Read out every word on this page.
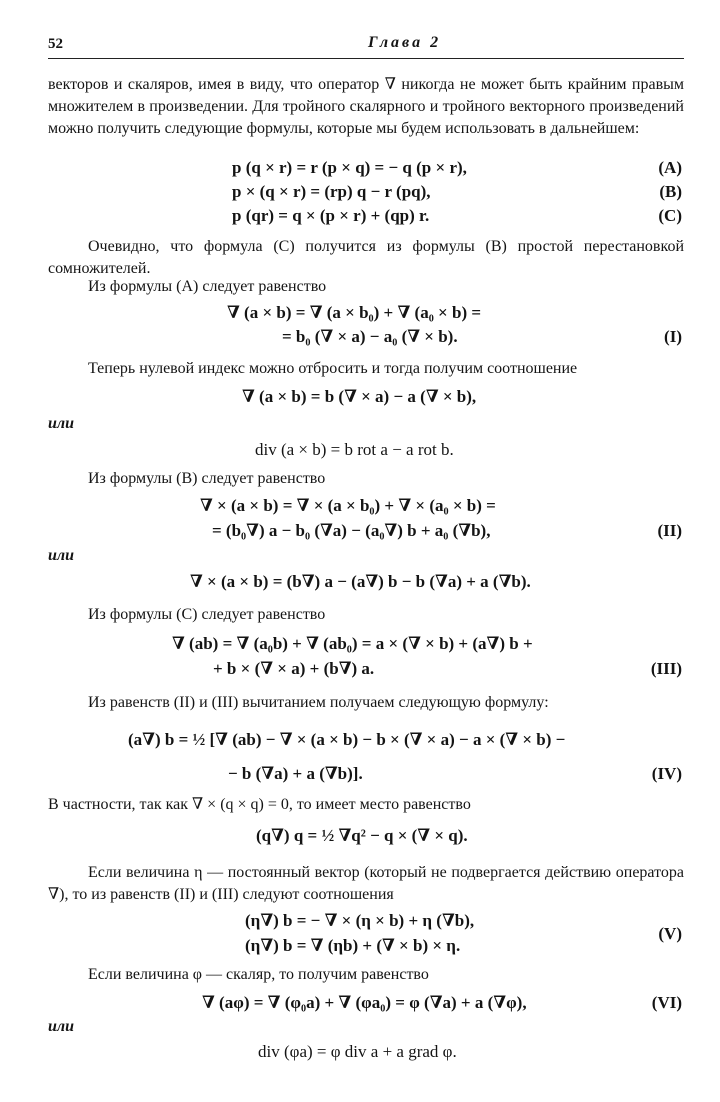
52	Глава 2
векторов и скаляров, имея в виду, что оператор ∇ никогда не может быть крайним правым множителем в произведении. Для тройного скалярного и тройного векторного произведений можно получить следующие формулы, которые мы будем использовать в дальнейшем:
p (q × r) = r (p × q) = − q (p × r),	(A)
p × (q × r) = (rp) q − r (pq),	(B)
p (qr) = q × (p × r) + (qp) r.	(C)
Очевидно, что формула (C) получится из формулы (B) простой перестановкой сомножителей.
Из формулы (A) следует равенство
∇ (a × b) = ∇ (a × b₀) + ∇ (a₀ × b) =
= b₀ (∇ × a) − a₀ (∇ × b).	(I)
Теперь нулевой индекс можно отбросить и тогда получим соотношение
∇ (a × b) = b (∇ × a) − a (∇ × b),
или
div (a × b) = b rot a − a rot b.
Из формулы (B) следует равенство
∇ × (a × b) = ∇ × (a × b₀) + ∇ × (a₀ × b) =
= (b₀∇) a − b₀ (∇a) − (a₀∇) b + a₀ (∇b),	(II)
или
∇ × (a × b) = (b∇) a − (a∇) b − b (∇a) + a (∇b).
Из формулы (C) следует равенство
∇ (ab) = ∇ (a₀b) + ∇ (ab₀) = a × (∇ × b) + (a∇) b +
+ b × (∇ × a) + (b∇) a.	(III)
Из равенств (II) и (III) вычитанием получаем следующую формулу:
(a∇) b = ½ [∇ (ab) − ∇ × (a × b) − b × (∇ × a) − a × (∇ × b) −
− b (∇a) + a (∇b)].	(IV)
В частности, так как ∇ × (q × q) = 0, то имеет место равенство
(q∇) q = ½ ∇q² − q × (∇ × q).
Если величина η — постоянный вектор (который не подвергается действию оператора ∇), то из равенств (II) и (III) следуют соотношения
(η∇) b = − ∇ × (η × b) + η (∇b),
(η∇) b = ∇ (ηb) + (∇ × b) × η.
(V)
Если величина φ — скаляр, то получим равенство
∇ (aφ) = ∇ (φ₀a) + ∇ (φa₀) = φ (∇a) + a (∇φ),	(VI)
или
div (φa) = φ div a + a grad φ.
